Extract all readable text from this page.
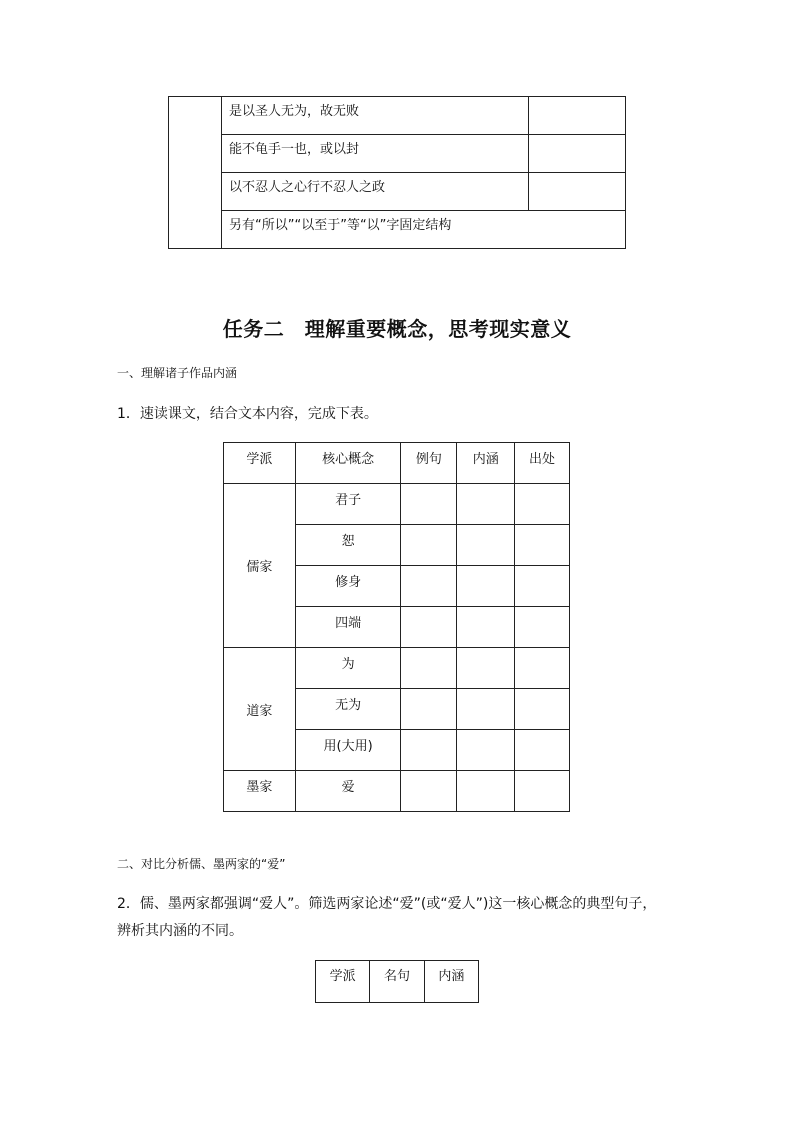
	是以圣人无为，故无败	
	能不龟手一也，或以封	
	以不忍人之心行不忍人之政	
	另有“所以”“以至于”等“以”字固定结构	
任务二　理解重要概念，思考现实意义
一、理解诸子作品内涵
1．速读课文，结合文本内容，完成下表。
学派	核心概念	例句	内涵	出处
儒家	君子			
	恕			
	修身			
	四端			
道家	为			
	无为			
	用(大用)			
墨家	爱			
二、对比分析儒、墨两家的“爱”
2．儒、墨两家都强调“爱人”。筛选两家论述“爱”(或“爱人”)这一核心概念的典型句子，
辨析其内涵的不同。
学派	名句	内涵
